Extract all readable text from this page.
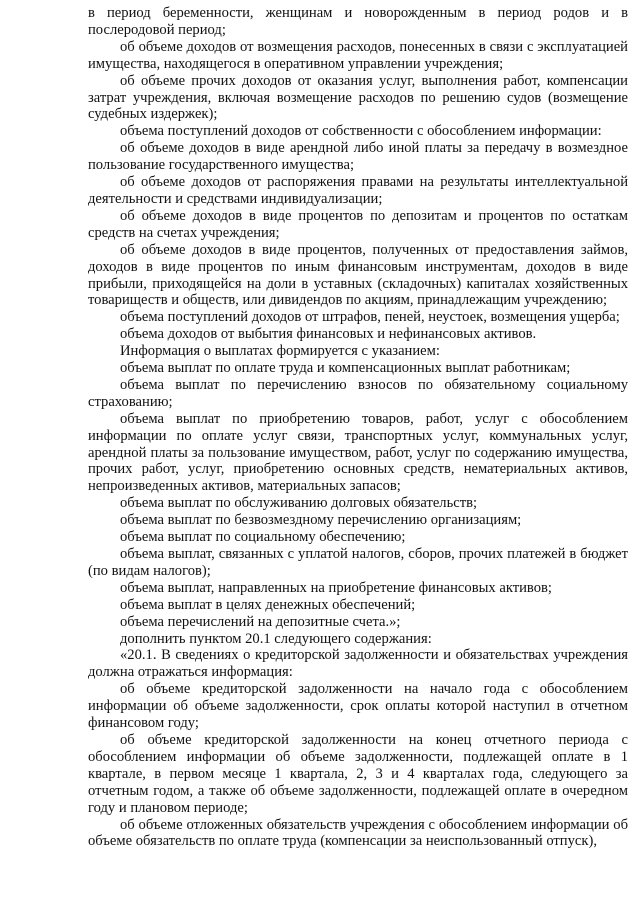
в период беременности, женщинам и новорожденным в период родов и в послеродовой период;

об объеме доходов от возмещения расходов, понесенных в связи с эксплуатацией имущества, находящегося в оперативном управлении учреждения;

об объеме прочих доходов от оказания услуг, выполнения работ, компенсации затрат учреждения, включая возмещение расходов по решению судов (возмещение судебных издержек);

объема поступлений доходов от собственности с обособлением информации:

об объеме доходов в виде арендной либо иной платы за передачу в возмездное пользование государственного имущества;

об объеме доходов от распоряжения правами на результаты интеллектуальной деятельности и средствами индивидуализации;

об объеме доходов в виде процентов по депозитам и процентов по остаткам средств на счетах учреждения;

об объеме доходов в виде процентов, полученных от предоставления займов, доходов в виде процентов по иным финансовым инструментам, доходов в виде прибыли, приходящейся на доли в уставных (складочных) капиталах хозяйственных товариществ и обществ, или дивидендов по акциям, принадлежащим учреждению;

объема поступлений доходов от штрафов, пеней, неустоек, возмещения ущерба;

объема доходов от выбытия финансовых и нефинансовых активов.

Информация о выплатах формируется с указанием:

объема выплат по оплате труда и компенсационных выплат работникам;

объема выплат по перечислению взносов по обязательному социальному страхованию;

объема выплат по приобретению товаров, работ, услуг с обособлением информации по оплате услуг связи, транспортных услуг, коммунальных услуг, арендной платы за пользование имуществом, работ, услуг по содержанию имущества, прочих работ, услуг, приобретению основных средств, нематериальных активов, непроизведенных активов, материальных запасов;

объема выплат по обслуживанию долговых обязательств;

объема выплат по безвозмездному перечислению организациям;

объема выплат по социальному обеспечению;

объема выплат, связанных с уплатой налогов, сборов, прочих платежей в бюджет (по видам налогов);

объема выплат, направленных на приобретение финансовых активов;

объема выплат в целях денежных обеспечений;

объема перечислений на депозитные счета.»;

дополнить пунктом 20.1 следующего содержания:

«20.1. В сведениях о кредиторской задолженности и обязательствах учреждения должна отражаться информация:

об объеме кредиторской задолженности на начало года с обособлением информации об объеме задолженности, срок оплаты которой наступил в отчетном финансовом году;

об объеме кредиторской задолженности на конец отчетного периода с обособлением информации об объеме задолженности, подлежащей оплате в 1 квартале, в первом месяце 1 квартала, 2, 3 и 4 кварталах года, следующего за отчетным годом, а также об объеме задолженности, подлежащей оплате в очередном году и плановом периоде;

об объеме отложенных обязательств учреждения с обособлением информации об объеме обязательств по оплате труда (компенсации за неиспользованный отпуск),
